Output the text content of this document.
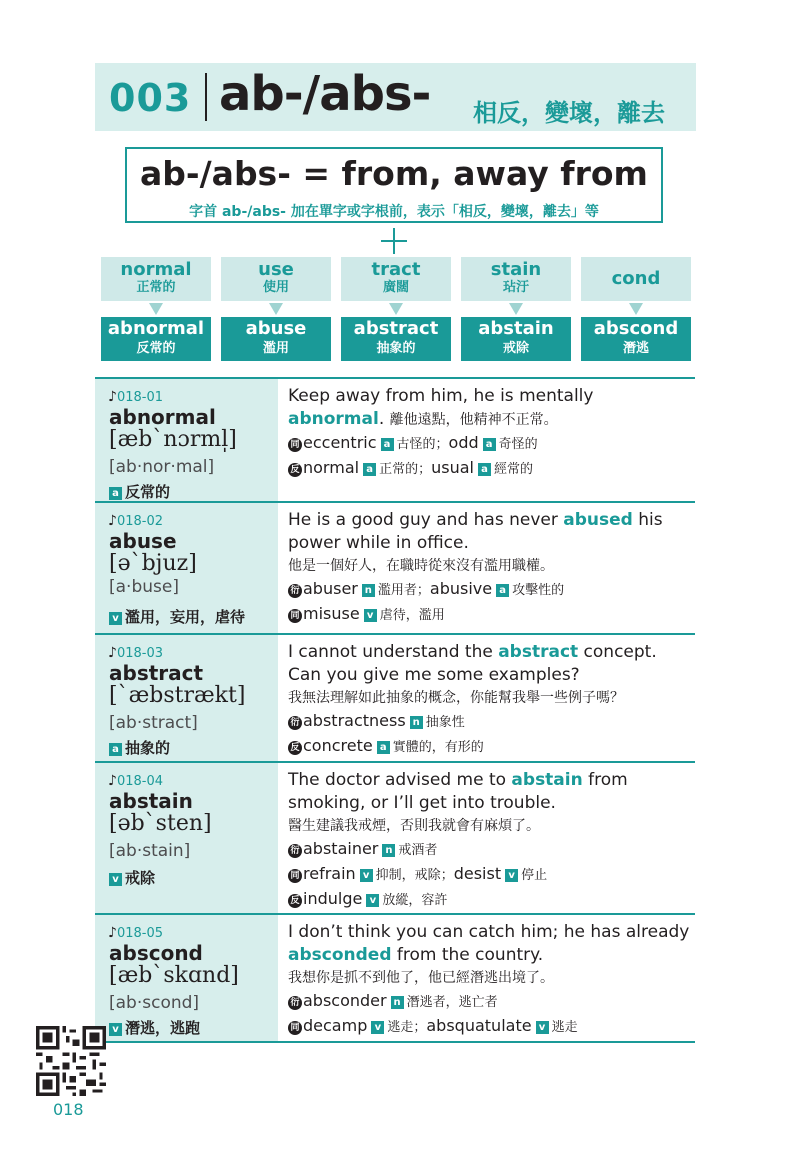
003 ab-/abs- 相反，變壞，離去
ab-/abs- = from, away from
字首 ab-/abs- 加在單字或字根前，表示「相反，變壞，離去」等
normal
正常的
abnormal
反常的
use
使用
abuse
濫用
tract
廣闊
abstract
抽象的
stain
玷汙
abstain
戒除
cond
abscond
潛逃
♪018-01
abnormal
[æbˋnɔrml̩]
[ab·nor·mal]
a 反常的
Keep away from him, he is mentally abnormal. 離他遠點，他精神不正常。
同 eccentric a 古怪的；odd a 奇怪的
反 normal a 正常的；usual a 經常的
♪018-02
abuse
[əˋbjuz]
[a·buse]
v 濫用，妄用，虐待
He is a good guy and has never abused his power while in office.
他是一個好人，在職時從來沒有濫用職權。
衍 abuser n 濫用者；abusive a 攻擊性的
同 misuse v 虐待，濫用
♪018-03
abstract
[ˋæbstrækt]
[ab·stract]
a 抽象的
I cannot understand the abstract concept. Can you give me some examples?
我無法理解如此抽象的概念，你能幫我舉一些例子嗎？
衍 abstractness n 抽象性
反 concrete a 實體的，有形的
♪018-04
abstain
[əbˋsten]
[ab·stain]
v 戒除
The doctor advised me to abstain from smoking, or I’ll get into trouble.
醫生建議我戒煙，否則我就會有麻煩了。
衍 abstainer n 戒酒者
同 refrain v 抑制，戒除；desist v 停止
反 indulge v 放縱，容許
♪018-05
abscond
[æbˋskɑnd]
[ab·scond]
v 潛逃，逃跑
I don’t think you can catch him; he has already absconded from the country.
我想你是抓不到他了，他已經潛逃出境了。
衍 absconder n 潛逃者，逃亡者
同 decamp v 逃走；absquatulate v 逃走
018
